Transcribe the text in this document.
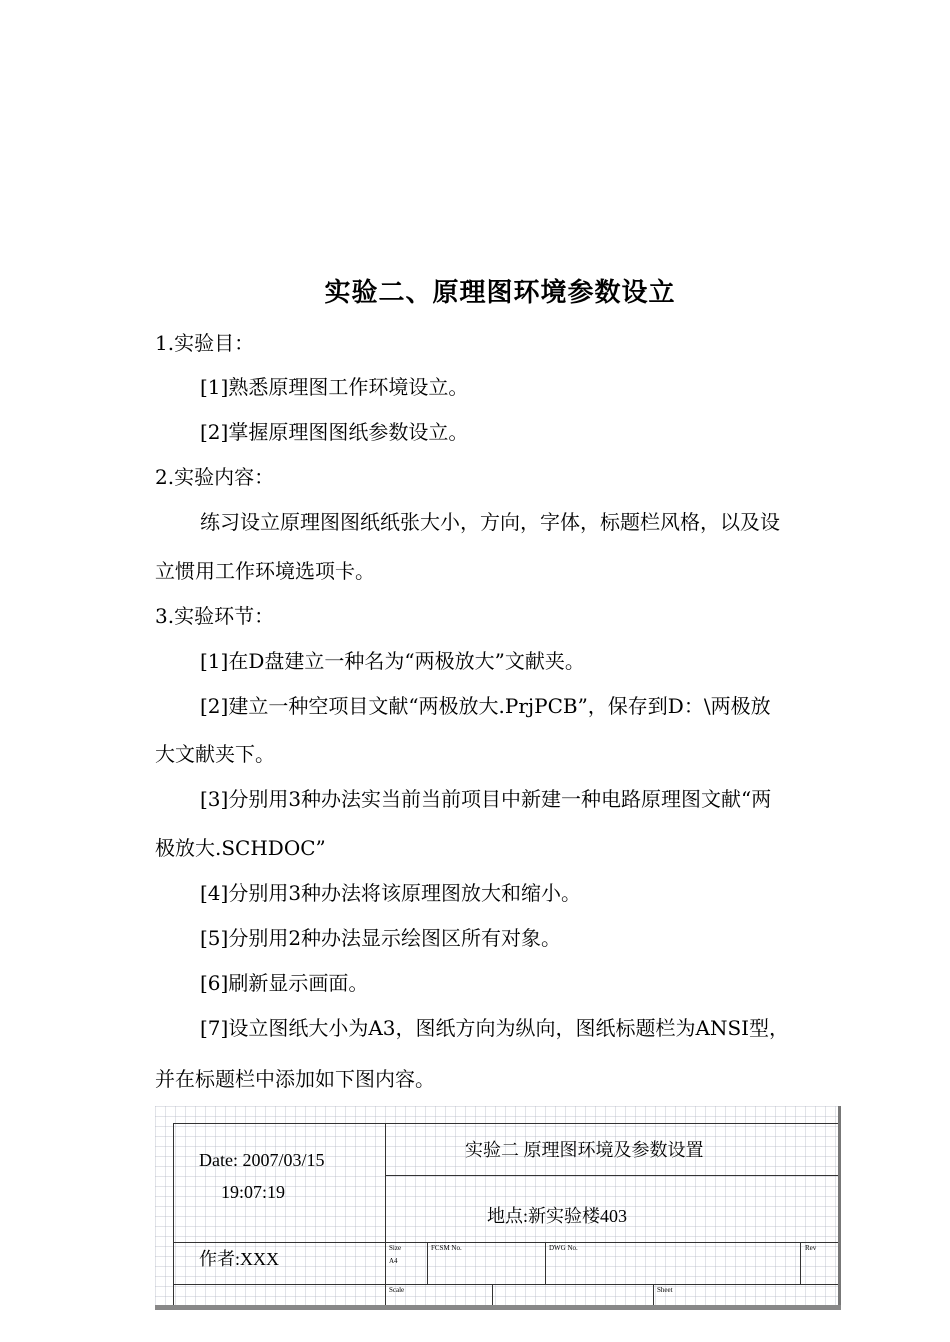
实验二、原理图环境参数设立
1.实验目：
[1]熟悉原理图工作环境设立。
[2]掌握原理图图纸参数设立。
2.实验内容：
练习设立原理图图纸纸张大小，方向，字体，标题栏风格，以及设
立惯用工作环境选项卡。
3.实验环节：
[1]在D盘建立一种名为“两极放大”文献夹。
[2]建立一种空项目文献“两极放大.PrjPCB”，保存到D：\两极放
大文献夹下。
[3]分别用3种办法实当前当前项目中新建一种电路原理图文献“两
极放大.SCHDOC”
[4]分别用3种办法将该原理图放大和缩小。
[5]分别用2种办法显示绘图区所有对象。
[6]刷新显示画面。
[7]设立图纸大小为A3，图纸方向为纵向，图纸标题栏为ANSI型，
并在标题栏中添加如下图内容。
Date: 2007/03/15
19:07:19
作者:XXX
实验二 原理图环境及参数设置
地点:新实验楼403
Size
A4
FCSM No.	DWG No.	Rev
Scale	Sheet
